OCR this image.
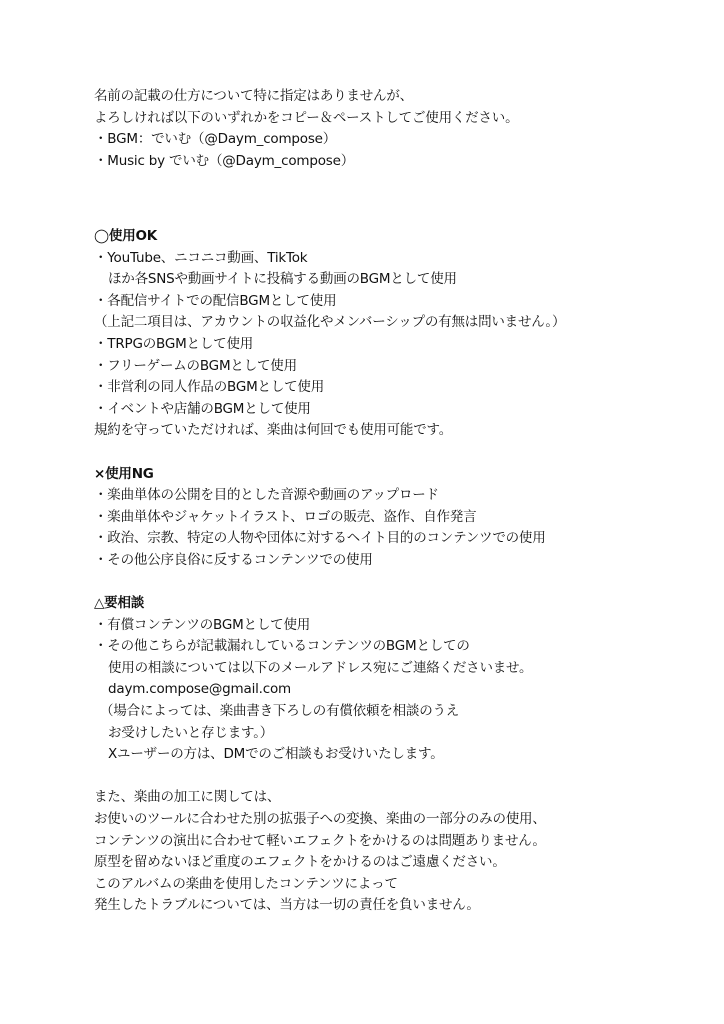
名前の記載の仕方について特に指定はありませんが、
よろしければ以下のいずれかをコピー＆ペーストしてご使用ください。
・BGM：でいむ（@Daym_compose）
・Music by でいむ（@Daym_compose）
◯使用OK
・YouTube、ニコニコ動画、TikTok
ほか各SNSや動画サイトに投稿する動画のBGMとして使用
・各配信サイトでの配信BGMとして使用
（上記二項目は、アカウントの収益化やメンバーシップの有無は問いません。）
・TRPGのBGMとして使用
・フリーゲームのBGMとして使用
・非営利の同人作品のBGMとして使用
・イベントや店舗のBGMとして使用
規約を守っていただければ、楽曲は何回でも使用可能です。
×使用NG
・楽曲単体の公開を目的とした音源や動画のアップロード
・楽曲単体やジャケットイラスト、ロゴの販売、盗作、自作発言
・政治、宗教、特定の人物や団体に対するヘイト目的のコンテンツでの使用
・その他公序良俗に反するコンテンツでの使用
△要相談
・有償コンテンツのBGMとして使用
・その他こちらが記載漏れしているコンテンツのBGMとしての
使用の相談については以下のメールアドレス宛にご連絡くださいませ。
daym.compose@gmail.com
（場合によっては、楽曲書き下ろしの有償依頼を相談のうえ
お受けしたいと存じます。）
Xユーザーの方は、DMでのご相談もお受けいたします。
また、楽曲の加工に関しては、
お使いのツールに合わせた別の拡張子への変換、楽曲の一部分のみの使用、
コンテンツの演出に合わせて軽いエフェクトをかけるのは問題ありません。
原型を留めないほど重度のエフェクトをかけるのはご遠慮ください。
このアルバムの楽曲を使用したコンテンツによって
発生したトラブルについては、当方は一切の責任を負いません。
